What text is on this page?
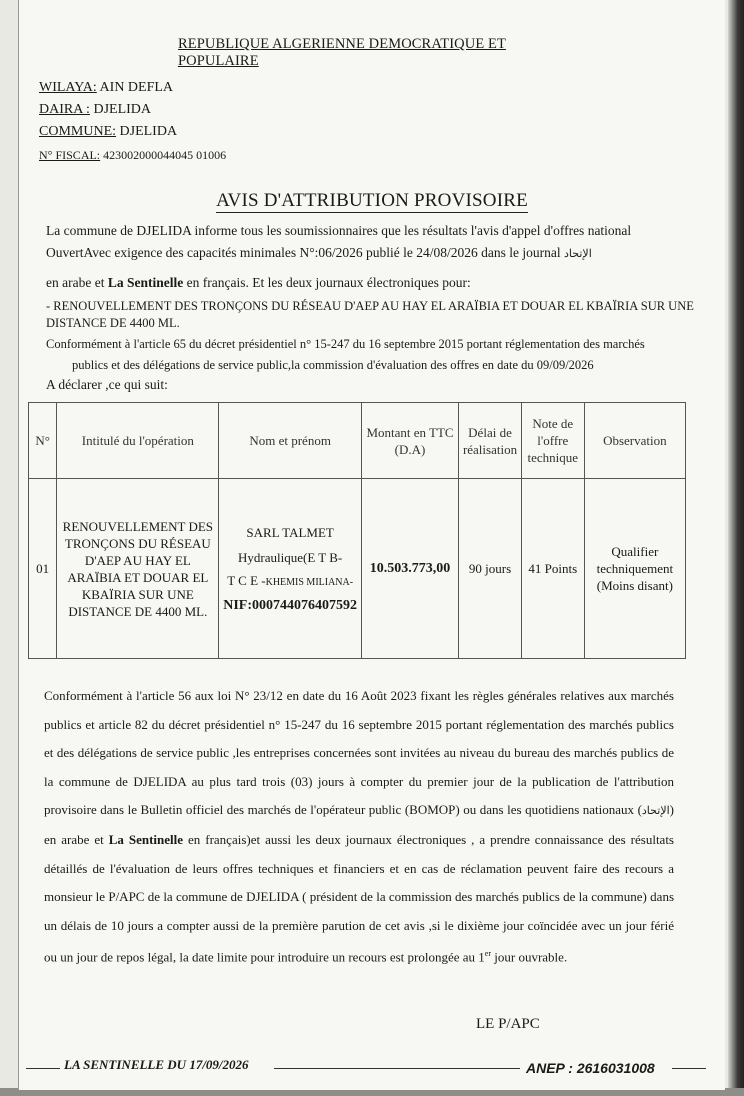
REPUBLIQUE ALGERIENNE DEMOCRATIQUE ET POPULAIRE
WILAYA: AIN DEFLA
DAIRA : DJELIDA
COMMUNE: DJELIDA
N° FISCAL: 423002000044045 01006
AVIS D'ATTRIBUTION PROVISOIRE
La commune de DJELIDA informe tous les soumissionnaires que les résultats l'avis d'appel d'offres national
OuvertAvec exigence des capacités minimales N°:06/2026 publié le 24/08/2026 dans le journal الإتحاد
en arabe et La Sentinelle en français. Et les deux journaux électroniques pour:
- RENOUVELLEMENT DES TRONÇONS DU RÉSEAU D'AEP AU HAY EL ARAÏBIA ET DOUAR EL KBAÏRIA SUR UNE
DISTANCE DE 4400 ML.
Conformément à l'article 65 du décret présidentiel n° 15-247 du 16 septembre 2015 portant réglementation des marchés
publics et des délégations de service public,la commission d'évaluation des offres en date du 09/09/2026
A déclarer ,ce qui suit:
N°	Intitulé du l'opération	Nom et prénom	Montant en TTC (D.A)	Délai de réalisation	Note de l'offre technique	Observation
01	RENOUVELLEMENT DES TRONÇONS DU RÉSEAU D'AEP AU HAY EL ARAÏBIA ET DOUAR EL KBAÏRIA SUR UNE DISTANCE DE 4400 ML.	SARL TALMET
Hydraulique(E T B-
T C E -KHEMIS MILIANA-
NIF:000744076407592	10.503.773,00	90 jours	41 Points	Qualifier techniquement (Moins disant)
Conformément à l'article 56 aux loi N° 23/12 en date du 16 Août 2023 fixant les règles générales relatives aux marchés publics et article 82 du décret présidentiel n° 15-247 du 16 septembre 2015 portant réglementation des marchés publics et des délégations de service public ,les entreprises concernées sont invitées au niveau du bureau des marchés publics de la commune de DJELIDA au plus tard trois (03) jours à compter du premier jour de la publication de l'attribution provisoire dans le Bulletin officiel des marchés de l'opérateur public (BOMOP) ou dans les quotidiens nationaux (الإتحاد) en arabe et La Sentinelle en français)et aussi les deux journaux électroniques , a prendre connaissance des résultats détaillés de l'évaluation de leurs offres techniques et financiers et en cas de réclamation peuvent faire des recours a monsieur le P/APC de la commune de DJELIDA ( président de la commission des marchés publics de la commune) dans un délais de 10 jours a compter aussi de la première parution de cet avis ,si le dixième jour coïncidée avec un jour férié ou un jour de repos légal, la date limite pour introduire un recours est prolongée au 1er jour ouvrable.
LE P/APC
LA SENTINELLE DU 17/09/2026	ANEP : 2616031008
